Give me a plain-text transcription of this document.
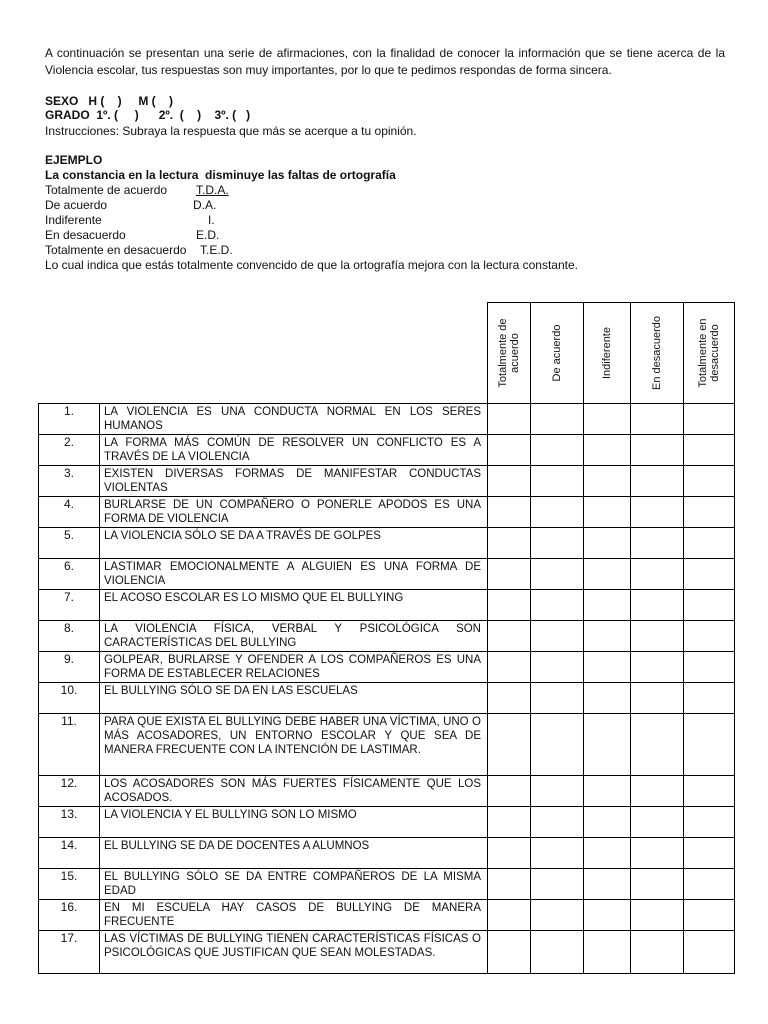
A continuación se presentan una serie de afirmaciones, con la finalidad de conocer la información que se tiene acerca de la Violencia escolar, tus respuestas son muy importantes, por lo que te pedimos respondas de forma sincera.
SEXO   H (    )     M (    )
GRADO  1º. (     )      2º.  (    )    3º. (   )
Instrucciones: Subraya la respuesta que más se acerque a tu opinión.
EJEMPLO
La constancia en la lectura  disminuye las faltas de ortografía
Totalmente de acuerdo T.D.A.
De acuerdo	D.A.
Indiferente	I.
En desacuerdo	E.D.
Totalmente en desacuerdo T.E.D.
Lo cual indica que estás totalmente convencido de que la ortografía mejora con la lectura constante.

		Totalmente de acuerdo	De acuerdo	Indiferente	En desacuerdo	Totalmente en desacuerdo

1.	LA VIOLENCIA ES UNA CONDUCTA NORMAL EN LOS SERES HUMANOS					
2.	LA FORMA MÁS COMÚN DE RESOLVER UN CONFLICTO ES A TRAVÉS DE LA VIOLENCIA					
3.	EXISTEN DIVERSAS FORMAS DE MANIFESTAR CONDUCTAS VIOLENTAS					
4.	BURLARSE DE UN COMPAÑERO O PONERLE APODOS ES UNA FORMA DE VIOLENCIA					
5.	LA VIOLENCIA SÓLO SE DA A TRAVÉS DE GOLPES					
6.	LASTIMAR EMOCIONALMENTE A ALGUIEN ES UNA FORMA DE VIOLENCIA					
7.	EL ACOSO ESCOLAR ES LO MISMO QUE EL BULLYING					
8.	LA VIOLENCIA FÍSICA, VERBAL Y PSICOLÓGICA SON CARACTERÍSTICAS DEL BULLYING					
9.	GOLPEAR, BURLARSE Y OFENDER A LOS COMPAÑEROS ES UNA FORMA DE ESTABLECER RELACIONES					
10.	EL BULLYING SÓLO SE DA EN LAS ESCUELAS					
11.	PARA QUE EXISTA EL BULLYING DEBE HABER UNA VÍCTIMA, UNO O MÁS ACOSADORES, UN ENTORNO ESCOLAR Y QUE SEA DE MANERA FRECUENTE CON LA INTENCIÓN DE LASTIMAR.					
12.	LOS ACOSADORES SON MÁS FUERTES FÍSICAMENTE QUE LOS ACOSADOS.					
13.	LA VIOLENCIA Y EL BULLYING SON LO MISMO					
14.	EL BULLYING SE DA DE DOCENTES A ALUMNOS					
15.	EL BULLYING SÓLO SE DA ENTRE COMPAÑEROS DE LA MISMA EDAD					
16.	EN MI ESCUELA HAY CASOS DE BULLYING DE MANERA FRECUENTE					
17.	LAS VÍCTIMAS DE BULLYING TIENEN CARACTERÍSTICAS FÍSICAS O PSICOLÓGICAS QUE JUSTIFICAN QUE SEAN MOLESTADAS.					
